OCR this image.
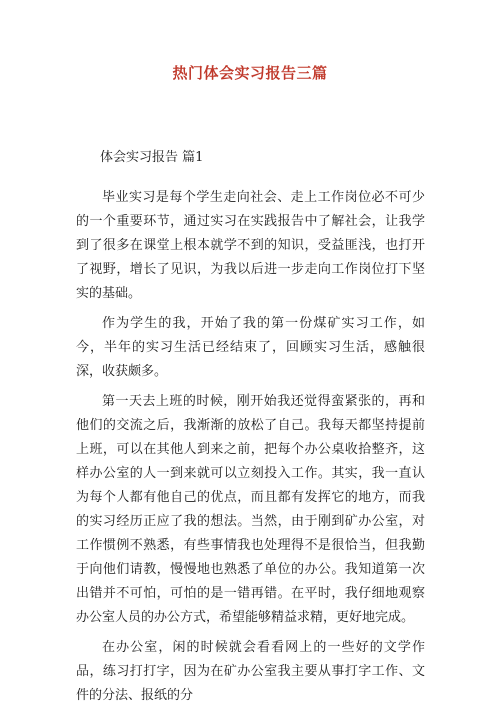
热门体会实习报告三篇
体会实习报告 篇1

毕业实习是每个学生走向社会、走上工作岗位必不可少的一个重要环节，通过实习在实践报告中了解社会，让我学到了很多在课堂上根本就学不到的知识，受益匪浅，也打开了视野，增长了见识，为我以后进一步走向工作岗位打下坚实的基础。

作为学生的我，开始了我的第一份煤矿实习工作，如今，半年的实习生活已经结束了，回顾实习生活，感触很深，收获颇多。

第一天去上班的时候，刚开始我还觉得蛮紧张的，再和他们的交流之后，我渐渐的放松了自己。我每天都坚持提前上班，可以在其他人到来之前，把每个办公桌收拾整齐，这样办公室的人一到来就可以立刻投入工作。其实，我一直认为每个人都有他自己的优点，而且都有发挥它的地方，而我的实习经历正应了我的想法。当然，由于刚到矿办公室，对工作惯例不熟悉，有些事情我也处理得不是很恰当，但我勤于向他们请教，慢慢地也熟悉了单位的办公。我知道第一次出错并不可怕，可怕的是一错再错。在平时，我仔细地观察办公室人员的办公方式，希望能够精益求精，更好地完成。

在办公室，闲的时候就会看看网上的一些好的文学作品，练习打打字，因为在矿办公室我主要从事打字工作、文件的分法、报纸的分
